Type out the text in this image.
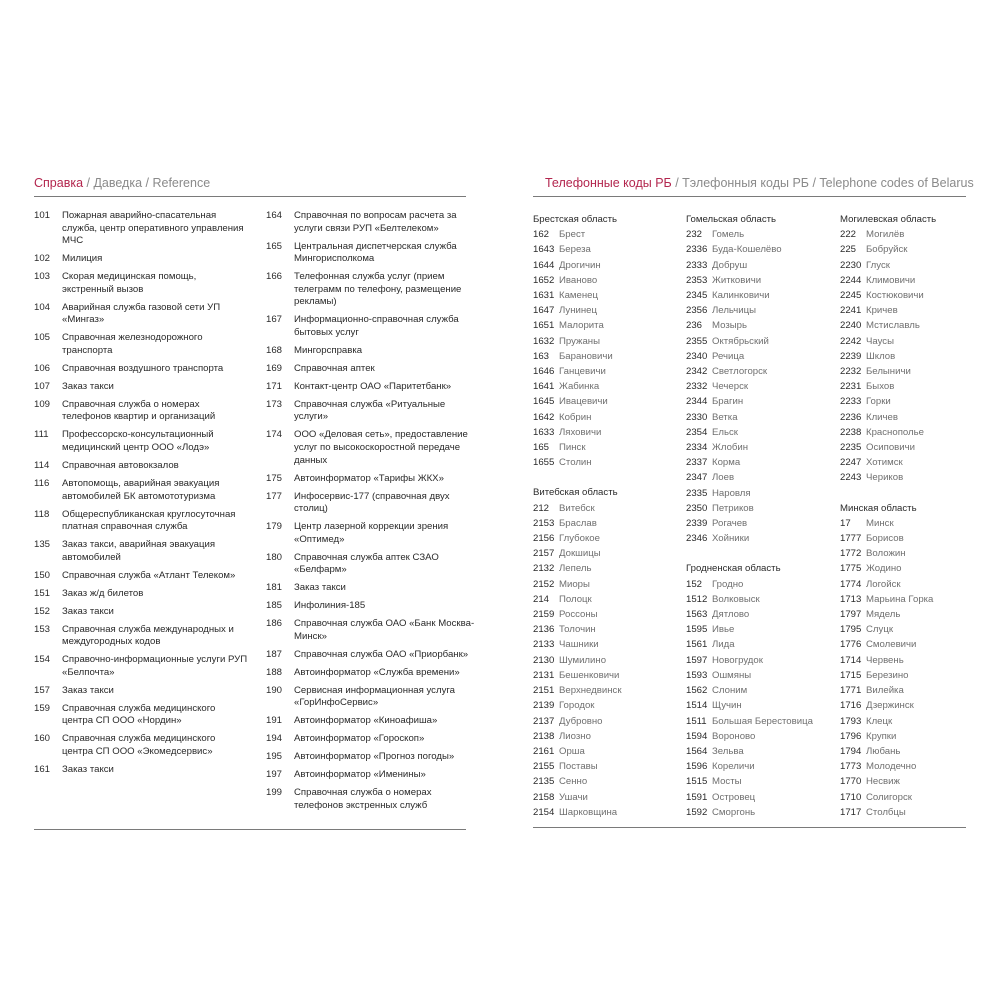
Справка / Даведка / Reference
101	Пожарная аварийно-спасательная служба, центр оперативного управления МЧС
102	Милиция
103	Скорая медицинская помощь, экстренный вызов
104	Аварийная служба газовой сети УП «Мингаз»
105	Справочная железнодорожного транспорта
106	Справочная воздушного транспорта
107	Заказ такси
109	Справочная служба о номерах телефонов квартир и организаций
111	Профессорско-консультационный медицинский центр ООО «Лодэ»
114	Справочная автовокзалов
116	Автопомощь, аварийная эвакуация автомобилей БК автомототуризма
118	Общереспубликанская круглосуточная платная справочная служба
135	Заказ такси, аварийная эвакуация автомобилей
150	Справочная служба «Атлант Телеком»
151	Заказ ж/д билетов
152	Заказ такси
153	Справочная служба международных и междугородных кодов
154	Справочно-информационные услуги РУП «Белпочта»
157	Заказ такси
159	Справочная служба медицинского центра СП ООО «Нордин»
160	Справочная служба медицинского центра СП ООО «Экомедсервис»
161	Заказ такси
164	Справочная по вопросам расчета за услуги связи РУП «Белтелеком»
165	Центральная диспетчерская служба Мингорисполкома
166	Телефонная служба услуг (прием телеграмм по телефону, размещение рекламы)
167	Информационно-справочная служба бытовых услуг
168	Мингорсправка
169	Справочная аптек
171	Контакт-центр ОАО «Паритетбанк»
173	Справочная служба «Ритуальные услуги»
174	ООО «Деловая сеть», предоставление услуг по высокоскоростной передаче данных
175	Автоинформатор «Тарифы ЖКХ»
177	Инфосервис-177 (справочная двух столиц)
179	Центр лазерной коррекции зрения «Оптимед»
180	Справочная служба аптек СЗАО «Белфарм»
181	Заказ такси
185	Инфолиния-185
186	Справочная служба ОАО «Банк Москва-Минск»
187	Справочная служба ОАО «Приорбанк»
188	Автоинформатор «Служба времени»
190	Сервисная информационная услуга «ГорИнфоСервис»
191	Автоинформатор «Киноафиша»
194	Автоинформатор «Гороскоп»
195	Автоинформатор «Прогноз погоды»
197	Автоинформатор «Именины»
199	Справочная служба о номерах телефонов экстренных служб
Телефонные коды РБ / Тэлефонныя коды РБ / Telephone codes of Belarus
Брестская область
162	Брест
1643 Береза
1644 Дрогичин
1652 Иваново
1631 Каменец
1647 Лунинец
1651 Малорита
1632 Пружаны
163	Барановичи
1646 Ганцевичи
1641 Жабинка
1645 Ивацевичи
1642 Кобрин
1633 Ляховичи
165	Пинск
1655 Столин
Витебская область
212	Витебск
2153 Браслав
2156 Глубокое
2157 Докшицы
2132 Лепель
2152 Миоры
214	Полоцк
2159 Россоны
2136 Толочин
2133 Чашники
2130 Шумилино
2131 Бешенковичи
2151 Верхнедвинск
2139 Городок
2137 Дубровно
2138 Лиозно
2161 Орша
2155 Поставы
2135 Сенно
2158 Ушачи
2154 Шарковщина
Гомельская область
232	Гомель
2336 Буда-Кошелёво
2333 Добруш
2353 Житковичи
2345 Калинковичи
2356 Лельчицы
236	Мозырь
2355 Октябрьский
2340 Речица
2342 Светлогорск
2332 Чечерск
2344 Брагин
2330 Ветка
2354 Ельск
2334 Жлобин
2337 Корма
2347 Лоев
2335 Наровля
2350 Петриков
2339 Рогачев
2346 Хойники
Гродненская область
152	Гродно
1512 Волковыск
1563 Дятлово
1595 Ивье
1561 Лида
1597 Новогрудок
1593 Ошмяны
1562 Слоним
1514 Щучин
1511 Большая Берестовица
1594 Вороново
1564 Зельва
1596 Кореличи
1515 Мосты
1591 Островец
1592 Сморгонь
Могилевская область
222	Могилёв
225	Бобруйск
2230 Глуск
2244 Климовичи
2245 Костюковичи
2241 Кричев
2240 Мстиславль
2242 Чаусы
2239 Шклов
2232 Белыничи
2231 Быхов
2233 Горки
2236 Кличев
2238 Краснополье
2235 Осиповичи
2247 Хотимск
2243 Чериков
Минская область
17	Минск
1777 Борисов
1772 Воложин
1775 Жодино
1774 Логойск
1713 Марьина Горка
1797 Мядель
1795 Слуцк
1776 Смолевичи
1714 Червень
1715 Березино
1771 Вилейка
1716 Дзержинск
1793 Клецк
1796 Крупки
1794 Любань
1773 Молодечно
1770 Несвиж
1710 Солигорск
1717 Столбцы
